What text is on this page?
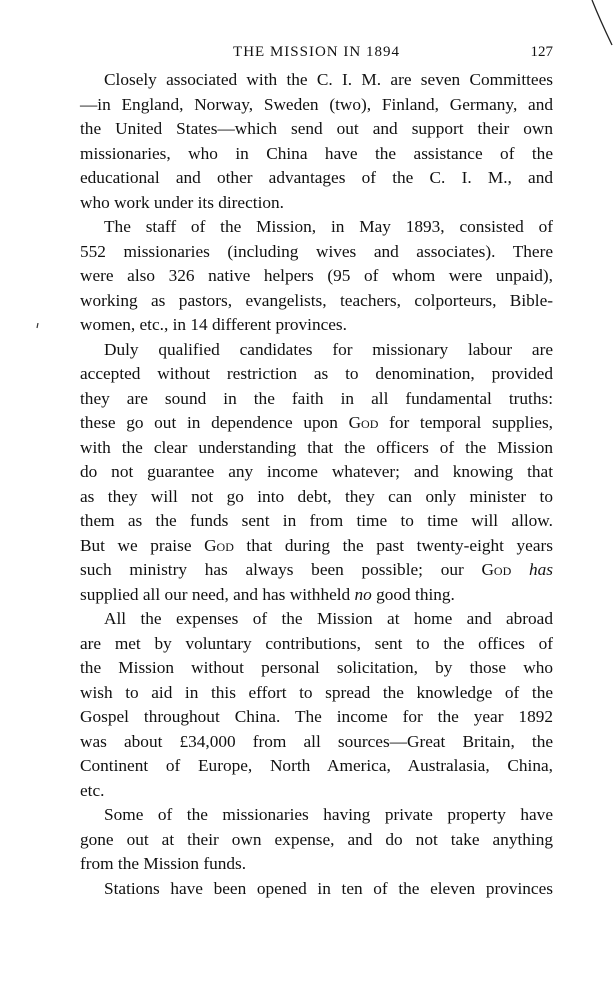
THE MISSION IN 1894	127
Closely associated with the C. I. M. are seven Committees
—in England, Norway, Sweden (two), Finland, Germany, and
the United States—which send out and support their own
missionaries, who in China have the assistance of the
educational and other advantages of the C. I. M., and
who work under its direction.
The staff of the Mission, in May 1893, consisted of
552 missionaries (including wives and associates). There
were also 326 native helpers (95 of whom were unpaid),
working as pastors, evangelists, teachers, colporteurs, Bible-
women, etc., in 14 different provinces.
Duly qualified candidates for missionary labour are
accepted without restriction as to denomination, provided
they are sound in the faith in all fundamental truths:
these go out in dependence upon God for temporal supplies,
with the clear understanding that the officers of the Mission
do not guarantee any income whatever; and knowing that
as they will not go into debt, they can only minister to
them as the funds sent in from time to time will allow.
But we praise God that during the past twenty-eight years
such ministry has always been possible; our God has
supplied all our need, and has withheld no good thing.
All the expenses of the Mission at home and abroad
are met by voluntary contributions, sent to the offices of
the Mission without personal solicitation, by those who
wish to aid in this effort to spread the knowledge of the
Gospel throughout China. The income for the year 1892
was about £34,000 from all sources—Great Britain, the
Continent of Europe, North America, Australasia, China,
etc.
Some of the missionaries having private property have
gone out at their own expense, and do not take anything
from the Mission funds.
Stations have been opened in ten of the eleven provinces
